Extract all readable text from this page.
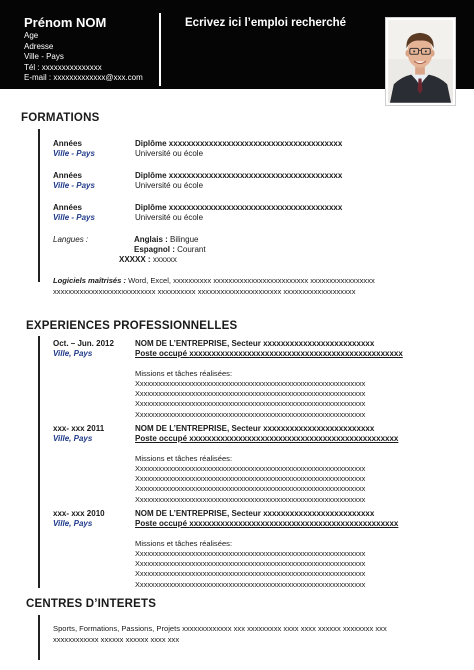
Prénom NOM
Age
Adresse
Ville - Pays
Tél : xxxxxxxxxxxxxxx
E-mail : xxxxxxxxxxxxx@xxx.com
Ecrivez ici l’emploi recherché
FORMATIONS
Années
Ville - Pays
Diplôme xxxxxxxxxxxxxxxxxxxxxxxxxxxxxxxxxxxxxxx
Université ou école
Années
Ville - Pays
Diplôme xxxxxxxxxxxxxxxxxxxxxxxxxxxxxxxxxxxxxxx
Université ou école
Années
Ville - Pays
Diplôme xxxxxxxxxxxxxxxxxxxxxxxxxxxxxxxxxxxxxxx
Université ou école
Langues :	Anglais : Bilingue
Espagnol : Courant
XXXXX : xxxxxx
Logiciels maîtrisés : Word, Excel, xxxxxxxxxx xxxxxxxxxxxxxxxxxxxxxxxxx xxxxxxxxxxxxxxxxx xxxxxxxxxxxxxxxxxxxxxxxxxxx xxxxxxxxxx xxxxxxxxxxxxxxxxxxxxxx xxxxxxxxxxxxxxxxxxx
EXPERIENCES PROFESSIONNELLES
Oct. – Jun. 2012
Ville, Pays
NOM DE L’ENTREPRISE, Secteur xxxxxxxxxxxxxxxxxxxxxxxxx
Poste occupé xxxxxxxxxxxxxxxxxxxxxxxxxxxxxxxxxxxxxxxxxxxxxxxx
Missions et tâches réalisées:
Xxxxxxxxxxxxxxxxxxxxxxxxxxxxxxxxxxxxxxxxxxxxxxxxxxxxxxxxxxxxxx
Xxxxxxxxxxxxxxxxxxxxxxxxxxxxxxxxxxxxxxxxxxxxxxxxxxxxxxxxxxxxxx
Xxxxxxxxxxxxxxxxxxxxxxxxxxxxxxxxxxxxxxxxxxxxxxxxxxxxxxxxxxxxxx
Xxxxxxxxxxxxxxxxxxxxxxxxxxxxxxxxxxxxxxxxxxxxxxxxxxxxxxxxxxxxxx
xxx- xxx 2011
Ville, Pays
NOM DE L’ENTREPRISE, Secteur xxxxxxxxxxxxxxxxxxxxxxxxx
Poste occupé xxxxxxxxxxxxxxxxxxxxxxxxxxxxxxxxxxxxxxxxxxxxxxx
Missions et tâches réalisées:
Xxxxxxxxxxxxxxxxxxxxxxxxxxxxxxxxxxxxxxxxxxxxxxxxxxxxxxxxxxxxxx
Xxxxxxxxxxxxxxxxxxxxxxxxxxxxxxxxxxxxxxxxxxxxxxxxxxxxxxxxxxxxxx
Xxxxxxxxxxxxxxxxxxxxxxxxxxxxxxxxxxxxxxxxxxxxxxxxxxxxxxxxxxxxxx
Xxxxxxxxxxxxxxxxxxxxxxxxxxxxxxxxxxxxxxxxxxxxxxxxxxxxxxxxxxxxxx
xxx- xxx 2010
Ville, Pays
NOM DE L’ENTREPRISE, Secteur xxxxxxxxxxxxxxxxxxxxxxxxx
Poste occupé xxxxxxxxxxxxxxxxxxxxxxxxxxxxxxxxxxxxxxxxxxxxxxx
Missions et tâches réalisées:
Xxxxxxxxxxxxxxxxxxxxxxxxxxxxxxxxxxxxxxxxxxxxxxxxxxxxxxxxxxxxxx
Xxxxxxxxxxxxxxxxxxxxxxxxxxxxxxxxxxxxxxxxxxxxxxxxxxxxxxxxxxxxxx
Xxxxxxxxxxxxxxxxxxxxxxxxxxxxxxxxxxxxxxxxxxxxxxxxxxxxxxxxxxxxxx
Xxxxxxxxxxxxxxxxxxxxxxxxxxxxxxxxxxxxxxxxxxxxxxxxxxxxxxxxxxxxxx
CENTRES D’INTERETS
Sports, Formations, Passions, Projets xxxxxxxxxxxxx xxx xxxxxxxxx xxxx xxxx xxxxxx xxxxxxxx xxx xxxxxxxxxxxx xxxxxx xxxxxx xxxx xxx
